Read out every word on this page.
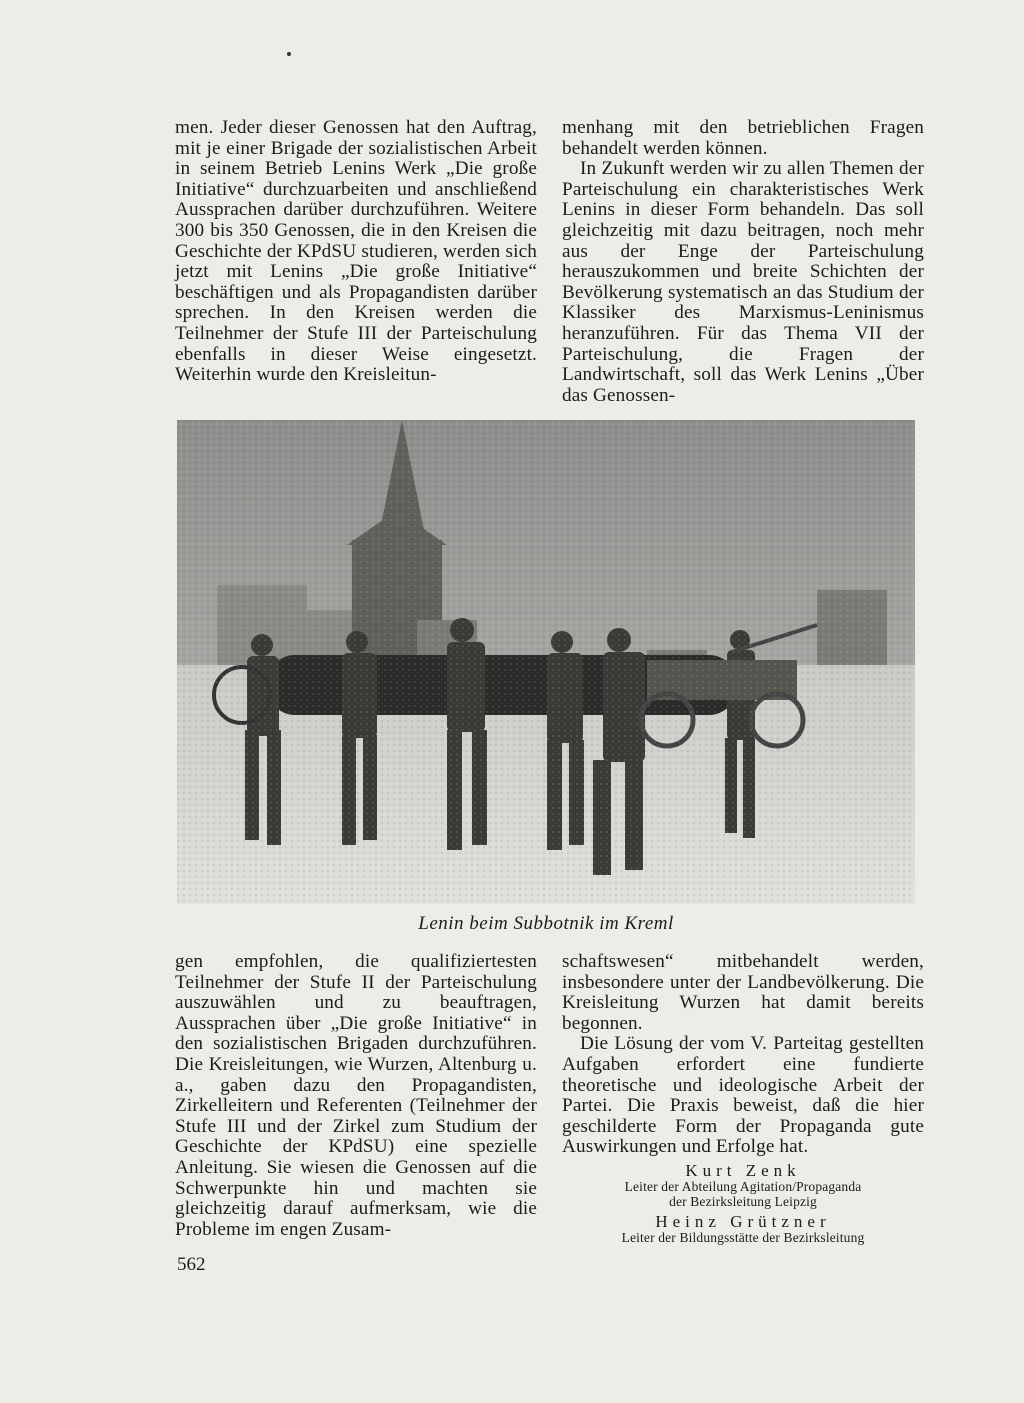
men. Jeder dieser Genossen hat den Auftrag, mit je einer Brigade der sozialistischen Arbeit in seinem Betrieb Lenins Werk „Die große Initiative“ durchzuarbeiten und anschließend Aussprachen darüber durchzuführen. Weitere 300 bis 350 Genossen, die in den Kreisen die Geschichte der KPdSU studieren, werden sich jetzt mit Lenins „Die große Initiative“ beschäftigen und als Propagandisten darüber sprechen. In den Kreisen werden die Teilnehmer der Stufe III der Parteischulung ebenfalls in dieser Weise eingesetzt. Weiterhin wurde den Kreisleitun-

menhang mit den betrieblichen Fragen behandelt werden können.

In Zukunft werden wir zu allen Themen der Parteischulung ein charakteristisches Werk Lenins in dieser Form behandeln. Das soll gleichzeitig mit dazu beitragen, noch mehr aus der Enge der Parteischulung herauszukommen und breite Schichten der Bevölkerung systematisch an das Studium der Klassiker des Marxismus-Leninismus heranzuführen. Für das Thema VII der Parteischulung, die Fragen der Landwirtschaft, soll das Werk Lenins „Über das Genossen-

Lenin beim Subbotnik im Kreml

gen empfohlen, die qualifiziertesten Teilnehmer der Stufe II der Parteischulung auszuwählen und zu beauftragen, Aussprachen über „Die große Initiative“ in den sozialistischen Brigaden durchzuführen. Die Kreisleitungen, wie Wurzen, Altenburg u. a., gaben dazu den Propagandisten, Zirkelleitern und Referenten (Teilnehmer der Stufe III und der Zirkel zum Studium der Geschichte der KPdSU) eine spezielle Anleitung. Sie wiesen die Genossen auf die Schwerpunkte hin und machten sie gleichzeitig darauf aufmerksam, wie die Probleme im engen Zusam-

schaftswesen“ mitbehandelt werden, insbesondere unter der Landbevölkerung. Die Kreisleitung Wurzen hat damit bereits begonnen.

Die Lösung der vom V. Parteitag gestellten Aufgaben erfordert eine fundierte theoretische und ideologische Arbeit der Partei. Die Praxis beweist, daß die hier geschilderte Form der Propaganda gute Auswirkungen und Erfolge hat.

Kurt Zenk
Leiter der Abteilung Agitation/Propaganda
der Bezirksleitung Leipzig
Heinz Grützner
Leiter der Bildungsstätte der Bezirksleitung
562
